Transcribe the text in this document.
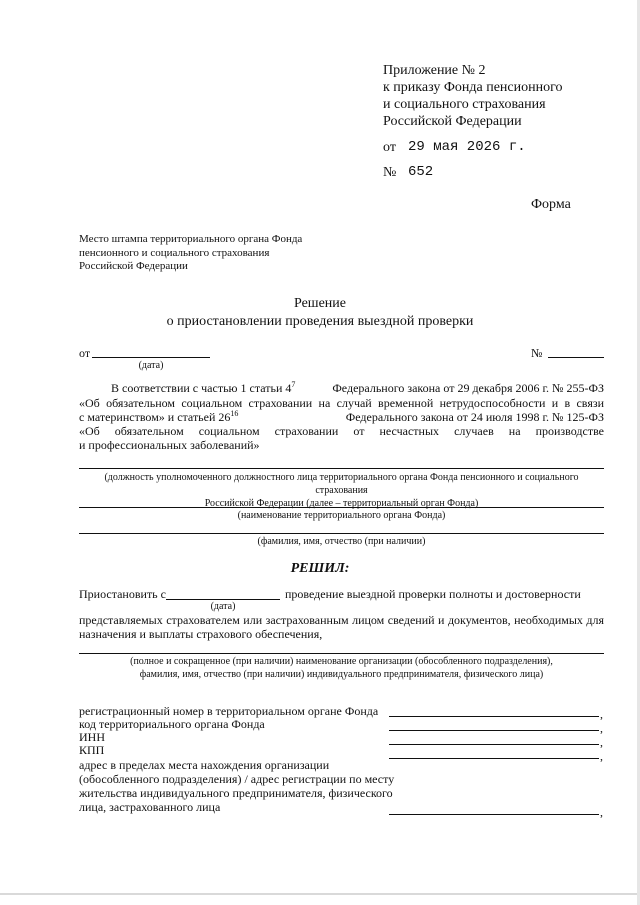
Приложение № 2
к приказу Фонда пенсионного
и социального страхования
Российской Федерации
от 29 мая 2026 г.
№ 652
Форма
Место штампа территориального органа Фонда
пенсионного и социального страхования
Российской Федерации
Решение
о приостановлении проведения выездной проверки
от
(дата)
№
В соответствии с частью 1 статьи $4^7$	Федерального закона от 29 декабря 2006 г. № 255-ФЗ
«Об обязательном социальном страховании на случай временной нетрудоспособности и в связи
с материнством» и статьей $26^{16}$	Федерального закона от 24 июля 1998 г. № 125-ФЗ
«Об обязательном социальном страховании от несчастных случаев на производстве
и профессиональных заболеваний»
(должность уполномоченного должностного лица территориального органа Фонда пенсионного и социального страхования
Российской Федерации (далее – территориальный орган Фонда)
(наименование территориального органа Фонда)
(фамилия, имя, отчество (при наличии)
РЕШИЛ:
Приостановить с	проведение выездной проверки полноты и достоверности
(дата)
представляемых страхователем или застрахованным лицом сведений и документов, необходимых для
назначения и выплаты страхового обеспечения,
(полное и сокращенное (при наличии) наименование организации (обособленного подразделения),
фамилия, имя, отчество (при наличии) индивидуального предпринимателя, физического лица)
регистрационный номер в территориальном органе Фонда	,
код территориального органа Фонда	,
ИНН	,
КПП	,
адрес в пределах места нахождения организации
(обособленного подразделения) / адрес регистрации по месту
жительства индивидуального предпринимателя, физического
лица, застрахованного лица	,
